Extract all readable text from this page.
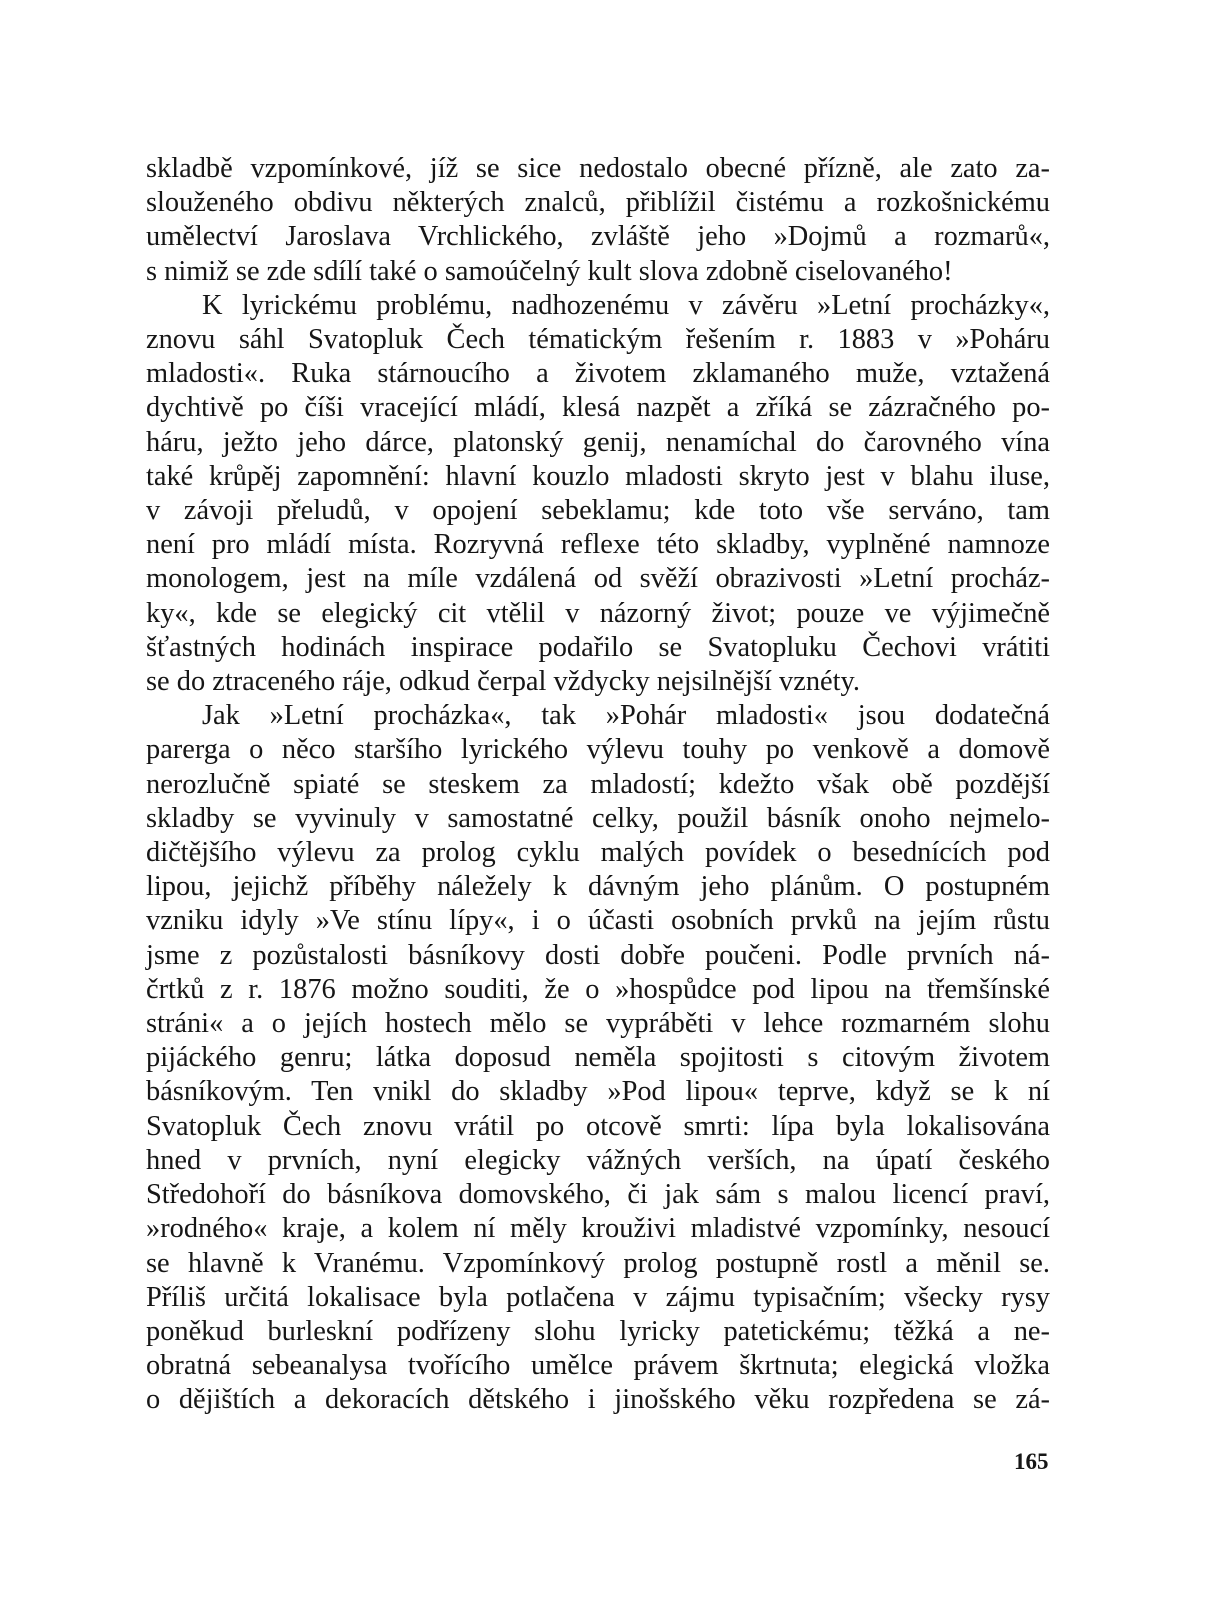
skladbě vzpomínkové, jíž se sice nedostalo obecné přízně, ale zato za-
slouženého obdivu některých znalců, přiblížil čistému a rozkošnickému
umělectví Jaroslava Vrchlického, zvláště jeho »Dojmů a rozmarů«,
s nimiž se zde sdílí také o samoúčelný kult slova zdobně ciselovaného!
K lyrickému problému, nadhozenému v závěru »Letní procházky«,
znovu sáhl Svatopluk Čech tématickým řešením r. 1883 v »Poháru
mladosti«. Ruka stárnoucího a životem zklamaného muže, vztažená
dychtivě po číši vracející mládí, klesá nazpět a zříká se zázračného po-
háru, ježto jeho dárce, platonský genij, nenamíchal do čarovného vína
také krůpěj zapomnění: hlavní kouzlo mladosti skryto jest v blahu iluse,
v závoji přeludů, v opojení sebeklamu; kde toto vše serváno, tam
není pro mládí místa. Rozryvná reflexe této skladby, vyplněné namnoze
monologem, jest na míle vzdálená od svěží obrazivosti »Letní procház-
ky«, kde se elegický cit vtělil v názorný život; pouze ve výjimečně
šťastných hodinách inspirace podařilo se Svatopluku Čechovi vrátiti
se do ztraceného ráje, odkud čerpal vždycky nejsilnější vznéty.
Jak »Letní procházka«, tak »Pohár mladosti« jsou dodatečná
parerga o něco staršího lyrického výlevu touhy po venkově a domově
nerozlučně spiaté se steskem za mladostí; kdežto však obě pozdější
skladby se vyvinuly v samostatné celky, použil básník onoho nejmelo-
dičtějšího výlevu za prolog cyklu malých povídek o besednících pod
lipou, jejichž příběhy náležely k dávným jeho plánům. O postupném
vzniku idyly »Ve stínu lípy«, i o účasti osobních prvků na jejím růstu
jsme z pozůstalosti básníkovy dosti dobře poučeni. Podle prvních ná-
črtků z r. 1876 možno souditi, že o »hospůdce pod lipou na třemšínské
stráni« a o jejích hostech mělo se vypráběti v lehce rozmarném slohu
pijáckého genru; látka doposud neměla spojitosti s citovým životem
básníkovým. Ten vnikl do skladby »Pod lipou« teprve, když se k ní
Svatopluk Čech znovu vrátil po otcově smrti: lípa byla lokalisována
hned v prvních, nyní elegicky vážných verších, na úpatí českého
Středohoří do básníkova domovského, či jak sám s malou licencí praví,
»rodného« kraje, a kolem ní měly krouživi mladistvé vzpomínky, nesoucí
se hlavně k Vranému. Vzpomínkový prolog postupně rostl a měnil se.
Příliš určitá lokalisace byla potlačena v zájmu typisačním; všecky rysy
poněkud burleskní podřízeny slohu lyricky patetickému; těžká a ne-
obratná sebeanalysa tvořícího umělce právem škrtnuta; elegická vložka
o dějištích a dekoracích dětského i jinošského věku rozpředena se zá-
165
